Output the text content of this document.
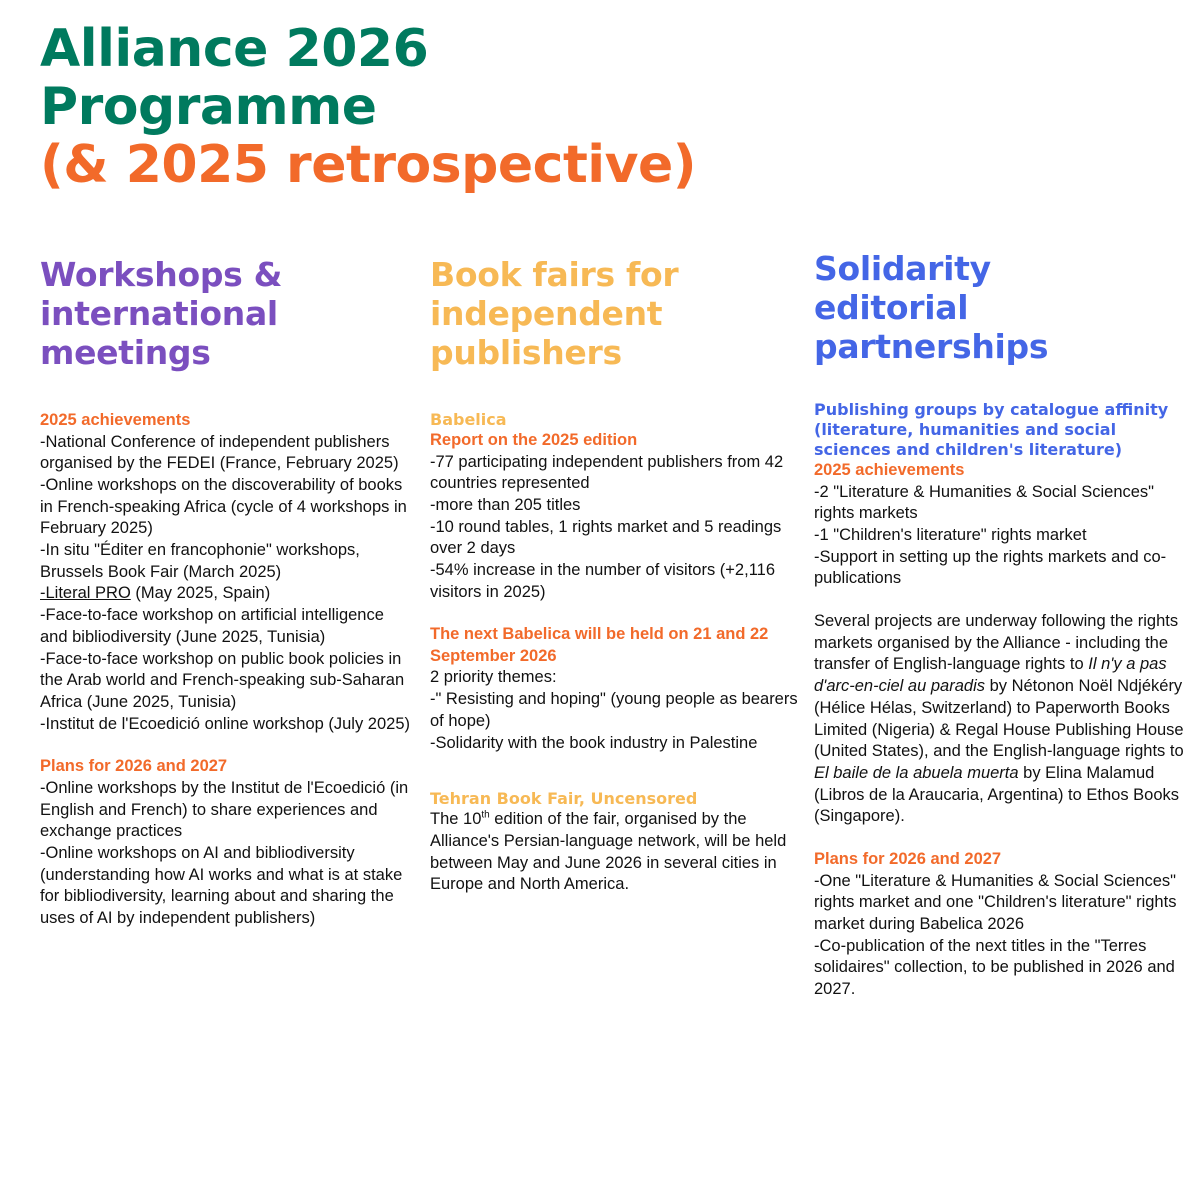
Alliance 2026
Programme
(& 2025 retrospective)
Workshops &
international
meetings
2025 achievements
-National Conference of independent publishers organised by the FEDEI (France, February 2025)
-Online workshops on the discoverability of books in French-speaking Africa (cycle of 4 workshops in February 2025)
-In situ "Éditer en francophonie" workshops, Brussels Book Fair (March 2025)
-Literal PRO (May 2025, Spain)
-Face-to-face workshop on artificial intelligence and bibliodiversity (June 2025, Tunisia)
-Face-to-face workshop on public book policies in the Arab world and French-speaking sub-Saharan Africa (June 2025, Tunisia)
-Institut de l'Ecoedició online workshop (July 2025)
Plans for 2026 and 2027
-Online workshops by the Institut de l'Ecoedició (in English and French) to share experiences and exchange practices
-Online workshops on AI and bibliodiversity (understanding how AI works and what is at stake for bibliodiversity, learning about and sharing the uses of AI by independent publishers)
Book fairs for
independent
publishers
Babelica
Report on the 2025 edition
-77 participating independent publishers from 42 countries represented
-more than 205 titles
-10 round tables, 1 rights market and 5 readings over 2 days
-54% increase in the number of visitors (+2,116 visitors in 2025)
The next Babelica will be held on 21 and 22 September 2026
2 priority themes:
-" Resisting and hoping" (young people as bearers of hope)
-Solidarity with the book industry in Palestine
Tehran Book Fair, Uncensored
The 10th edition of the fair, organised by the Alliance's Persian-language network, will be held between May and June 2026 in several cities in Europe and North America.
Solidarity
editorial
partnerships
Publishing groups by catalogue affinity (literature, humanities and social sciences and children's literature)
2025 achievements
-2 "Literature & Humanities & Social Sciences" rights markets
-1 "Children's literature" rights market
-Support in setting up the rights markets and co-publications
Several projects are underway following the rights markets organised by the Alliance - including the transfer of English-language rights to Il n'y a pas d'arc-en-ciel au paradis by Nétonon Noël Ndjékéry (Hélice Hélas, Switzerland) to Paperworth Books Limited (Nigeria) & Regal House Publishing House (United States), and the English-language rights to El baile de la abuela muerta by Elina Malamud (Libros de la Araucaria, Argentina) to Ethos Books (Singapore).
Plans for 2026 and 2027
-One "Literature & Humanities & Social Sciences" rights market and one "Children's literature" rights market during Babelica 2026
-Co-publication of the next titles in the "Terres solidaires" collection, to be published in 2026 and 2027.
